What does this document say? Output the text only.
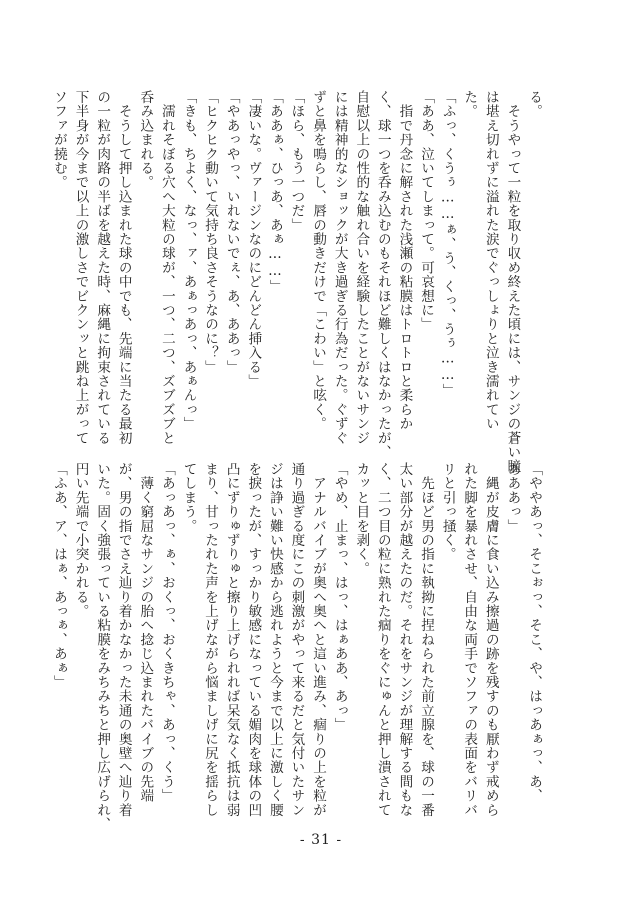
る。

　そうやって一粒を取り収め終えた頃には、サンジの蒼い瞳

は堪え切れずに溢れた涙でぐっしょりと泣き濡れてい

た。

「ふっ、くうぅ……ぁ、う、くっ、うぅ……」

「ああ、泣いてしまって。可哀想に」

　指で丹念に解された浅瀬の粘膜はトロトロと柔らか

く、球一つを呑み込むのもそれほど難しくはなかったが、

自慰以上の性的な触れ合いを経験したことがないサンジ

には精神的なショックが大き過ぎる行為だった。ぐずぐ

ずと鼻を鳴らし、唇の動きだけで「こわい」と呟く。

「ほら、もう一つだ」

「ああぁ、ひっあ、あぁ……」

「凄いな。ヴァージンなのにどんどん挿入る」

「やあっやっ、いれないでぇ、あ、ああっ」

「ヒクヒク動いて気持ち良さそうなのに？」

「きも、ちよく、なっ、ァ、あぁっあっ、あぁんっ」

　濡れそぼる穴へ大粒の球が、一つ、二つ、ズブズブと

呑み込まれる。

　そうして押し込まれた球の中でも、先端に当たる最初

の一粒が肉路の半ばを越えた時、麻縄に拘束されている

下半身が今まで以上の激しさでビクンッと跳ね上がって

ソファが撓む。

「ややあっ、そこぉっ、そこ、や、はっあぁっ、あ、

あああっ」

　縄が皮膚に食い込み擦過の跡を残すのも厭わず戒めら

れた脚を暴れさせ、自由な両手でソファの表面をバリバ

リと引っ掻く。

　先ほど男の指に執拗に捏ねられた前立腺を、球の一番

太い部分が越えたのだ。それをサンジが理解する間もな

く、二つ目の粒に熟れた痼りをぐにゅんと押し潰されて

カッと目を剥く。

「やめ、止まっ、はっ、はぁああ、あっ」

　アナルバイブが奥へ奥へと這い進み、痼りの上を粒が

通り過ぎる度にこの刺激がやって来るだと気付いたサン

ジは諍い難い快感から逃れようと今まで以上に激しく腰

を捩ったが、すっかり敏感になっている媚肉を球体の凹

凸にずりゅずりゅと擦り上げられれば呆気なく抵抗は弱

まり、甘ったれた声を上げながら悩ましげに尻を揺らし

てしまう。

「あっあっ、ぁ、おくっ、おくきちゃ、あっ、くう」

　薄く窮屈なサンジの胎へ捻じ込まれたバイブの先端

が、男の指でさえ辿り着かなかった未通の奥壁へ辿り着

いた。固く強張っている粘膜をみちみちと押し広げられ、

円い先端で小突かれる。

「ふあ、ア、はぁ、あっぁ、あぁ」

- 31 -
